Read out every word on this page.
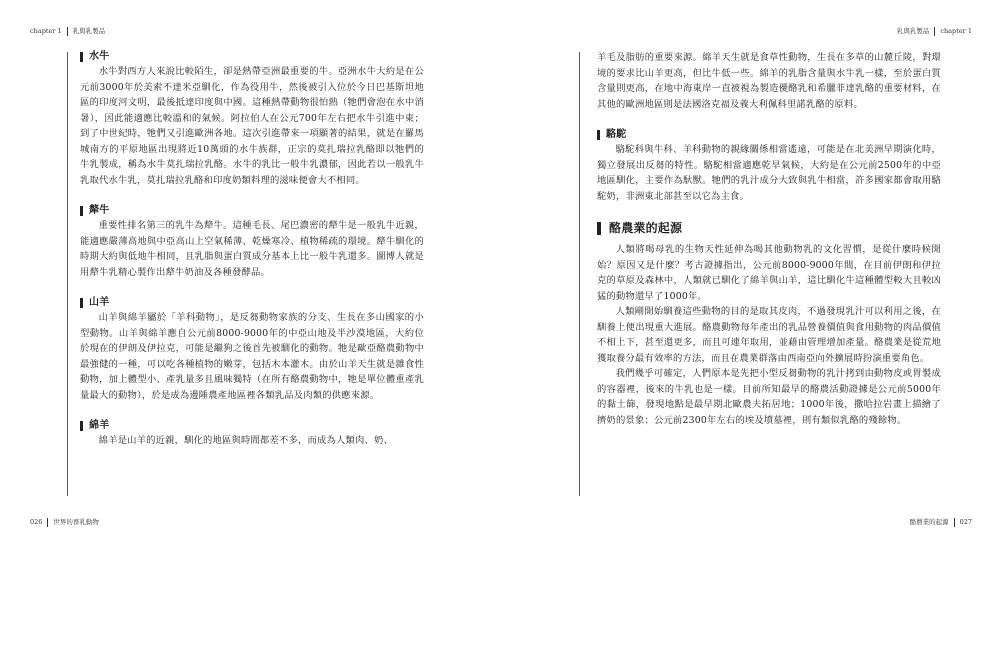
chapter 1 乳與乳製品
水牛

水牛對西方人來說比較陌生，卻是熱帶亞洲最重要的牛。亞洲水牛大約是在公元前3000年於美索不達米亞馴化，作為役用牛，然後被引入位於今日巴基斯坦地區的印度河文明，最後抵達印度與中國。這種熱帶動物很怕熱（牠們會泡在水中消暑），因此能適應比較溫和的氣候。阿拉伯人在公元700年左右把水牛引進中東；到了中世紀時，牠們又引進歐洲各地。這次引進帶來一項顯著的結果，就是在羅馬城南方的平原地區出現將近10萬頭的水牛族群，正宗的莫扎瑞拉乳酪即以牠們的牛乳製成，稱為水牛莫扎瑞拉乳酪。水牛的乳比一般牛乳濃郁，因此若以一般乳牛乳取代水牛乳，莫扎瑞拉乳酪和印度奶類料理的滋味便會大不相同。

犛牛

重要性排名第三的乳牛為犛牛。這種毛長、尾巴濃密的犛牛是一般乳牛近親，能適應嚴薄高地與中亞高山上空氣稀薄、乾燥寒冷、植物稀疏的環境。犛牛馴化的時期大約與低地牛相同，且乳脂與蛋白質成分基本上比一般牛乳還多。圖博人就是用犛牛乳精心製作出犛牛奶油及各種發酵品。

山羊

山羊與綿羊屬於「羊科動物」，是反芻動物家族的分支、生長在多山國家的小型動物。山羊與綿羊應自公元前8000-9000年的中亞山地及半沙漠地區，大約位於現在的伊朗及伊拉克，可能是繼狗之後首先被馴化的動物。牠是歐亞酪農動物中最強健的一種，可以吃各種植物的嫩芽，包括木本灌木。由於山羊天生就是雜食性動物，加上體型小、產乳量多且風味獨特（在所有酪農動物中，牠是單位體重產乳量最大的動物），於是成為邊陲農產地區裡各類乳品及肉類的供應來源。

綿羊

綿羊是山羊的近親，馴化的地區與時間都差不多，而成為人類肉、奶、

026 世界的畜乳動物
乳與乳製品 chapter 1

羊毛及脂肪的重要來源。綿羊天生就是食草性動物，生長在多草的山麓丘陵，對環境的要求比山羊更高，但比牛低一些。綿羊的乳脂含量與水牛乳一樣，至於蛋白質含量則更高，在地中海東岸一直被視為製造優酪乳和希臘菲達乳酪的重要材料，在其他的歐洲地區則是法國洛克福及義大利佩科里諾乳酪的原料。

駱駝

駱駝科與牛科、羊科動物的親緣關係相當遙遠，可能是在北美洲早期演化時，獨立發展出反芻的特性。駱駝相當適應乾旱氣候，大約是在公元前2500年的中亞地區馴化，主要作為馱獸。牠們的乳汁成分大致與乳牛相當，許多國家都會取用駱駝奶，非洲東北部甚至以它為主食。

酪農業的起源

人類將喝母乳的生物天性延伸為喝其他動物乳的文化習慣，是從什麼時候開始？原因又是什麼？考古證據指出，公元前8000-9000年間，在目前伊朗和伊拉克的草原及森林中，人類就已馴化了綿羊與山羊，這比馴化牛這種體型較大且較凶猛的動物還早了1000年。

人類剛開始馴養這些動物的目的是取其皮肉，不過發現乳汁可以利用之後，在馴養上便出現重大進展。酪農動物每年產出的乳品營養價值與食用動物的肉品價值不相上下，甚至還更多，而且可連年取用，並藉由管理增加產量。酪農業是從荒地獲取養分最有效率的方法，而且在農業群落由西南亞向外擴展時扮演重要角色。

我們幾乎可確定，人們原本是先把小型反芻動物的乳汁拷到由動物皮或胃製成的容器裡，後來的牛乳也是一樣。目前所知最早的酪農活動證據是公元前5000年的黏土篩，發現地點是最早期北歐農夫拓居地；1000年後，撒哈拉岩畫上描繪了擠奶的景象；公元前2300年左右的埃及墳墓裡，則有類似乳酪的殘餘物。

酪農業的起源 027
